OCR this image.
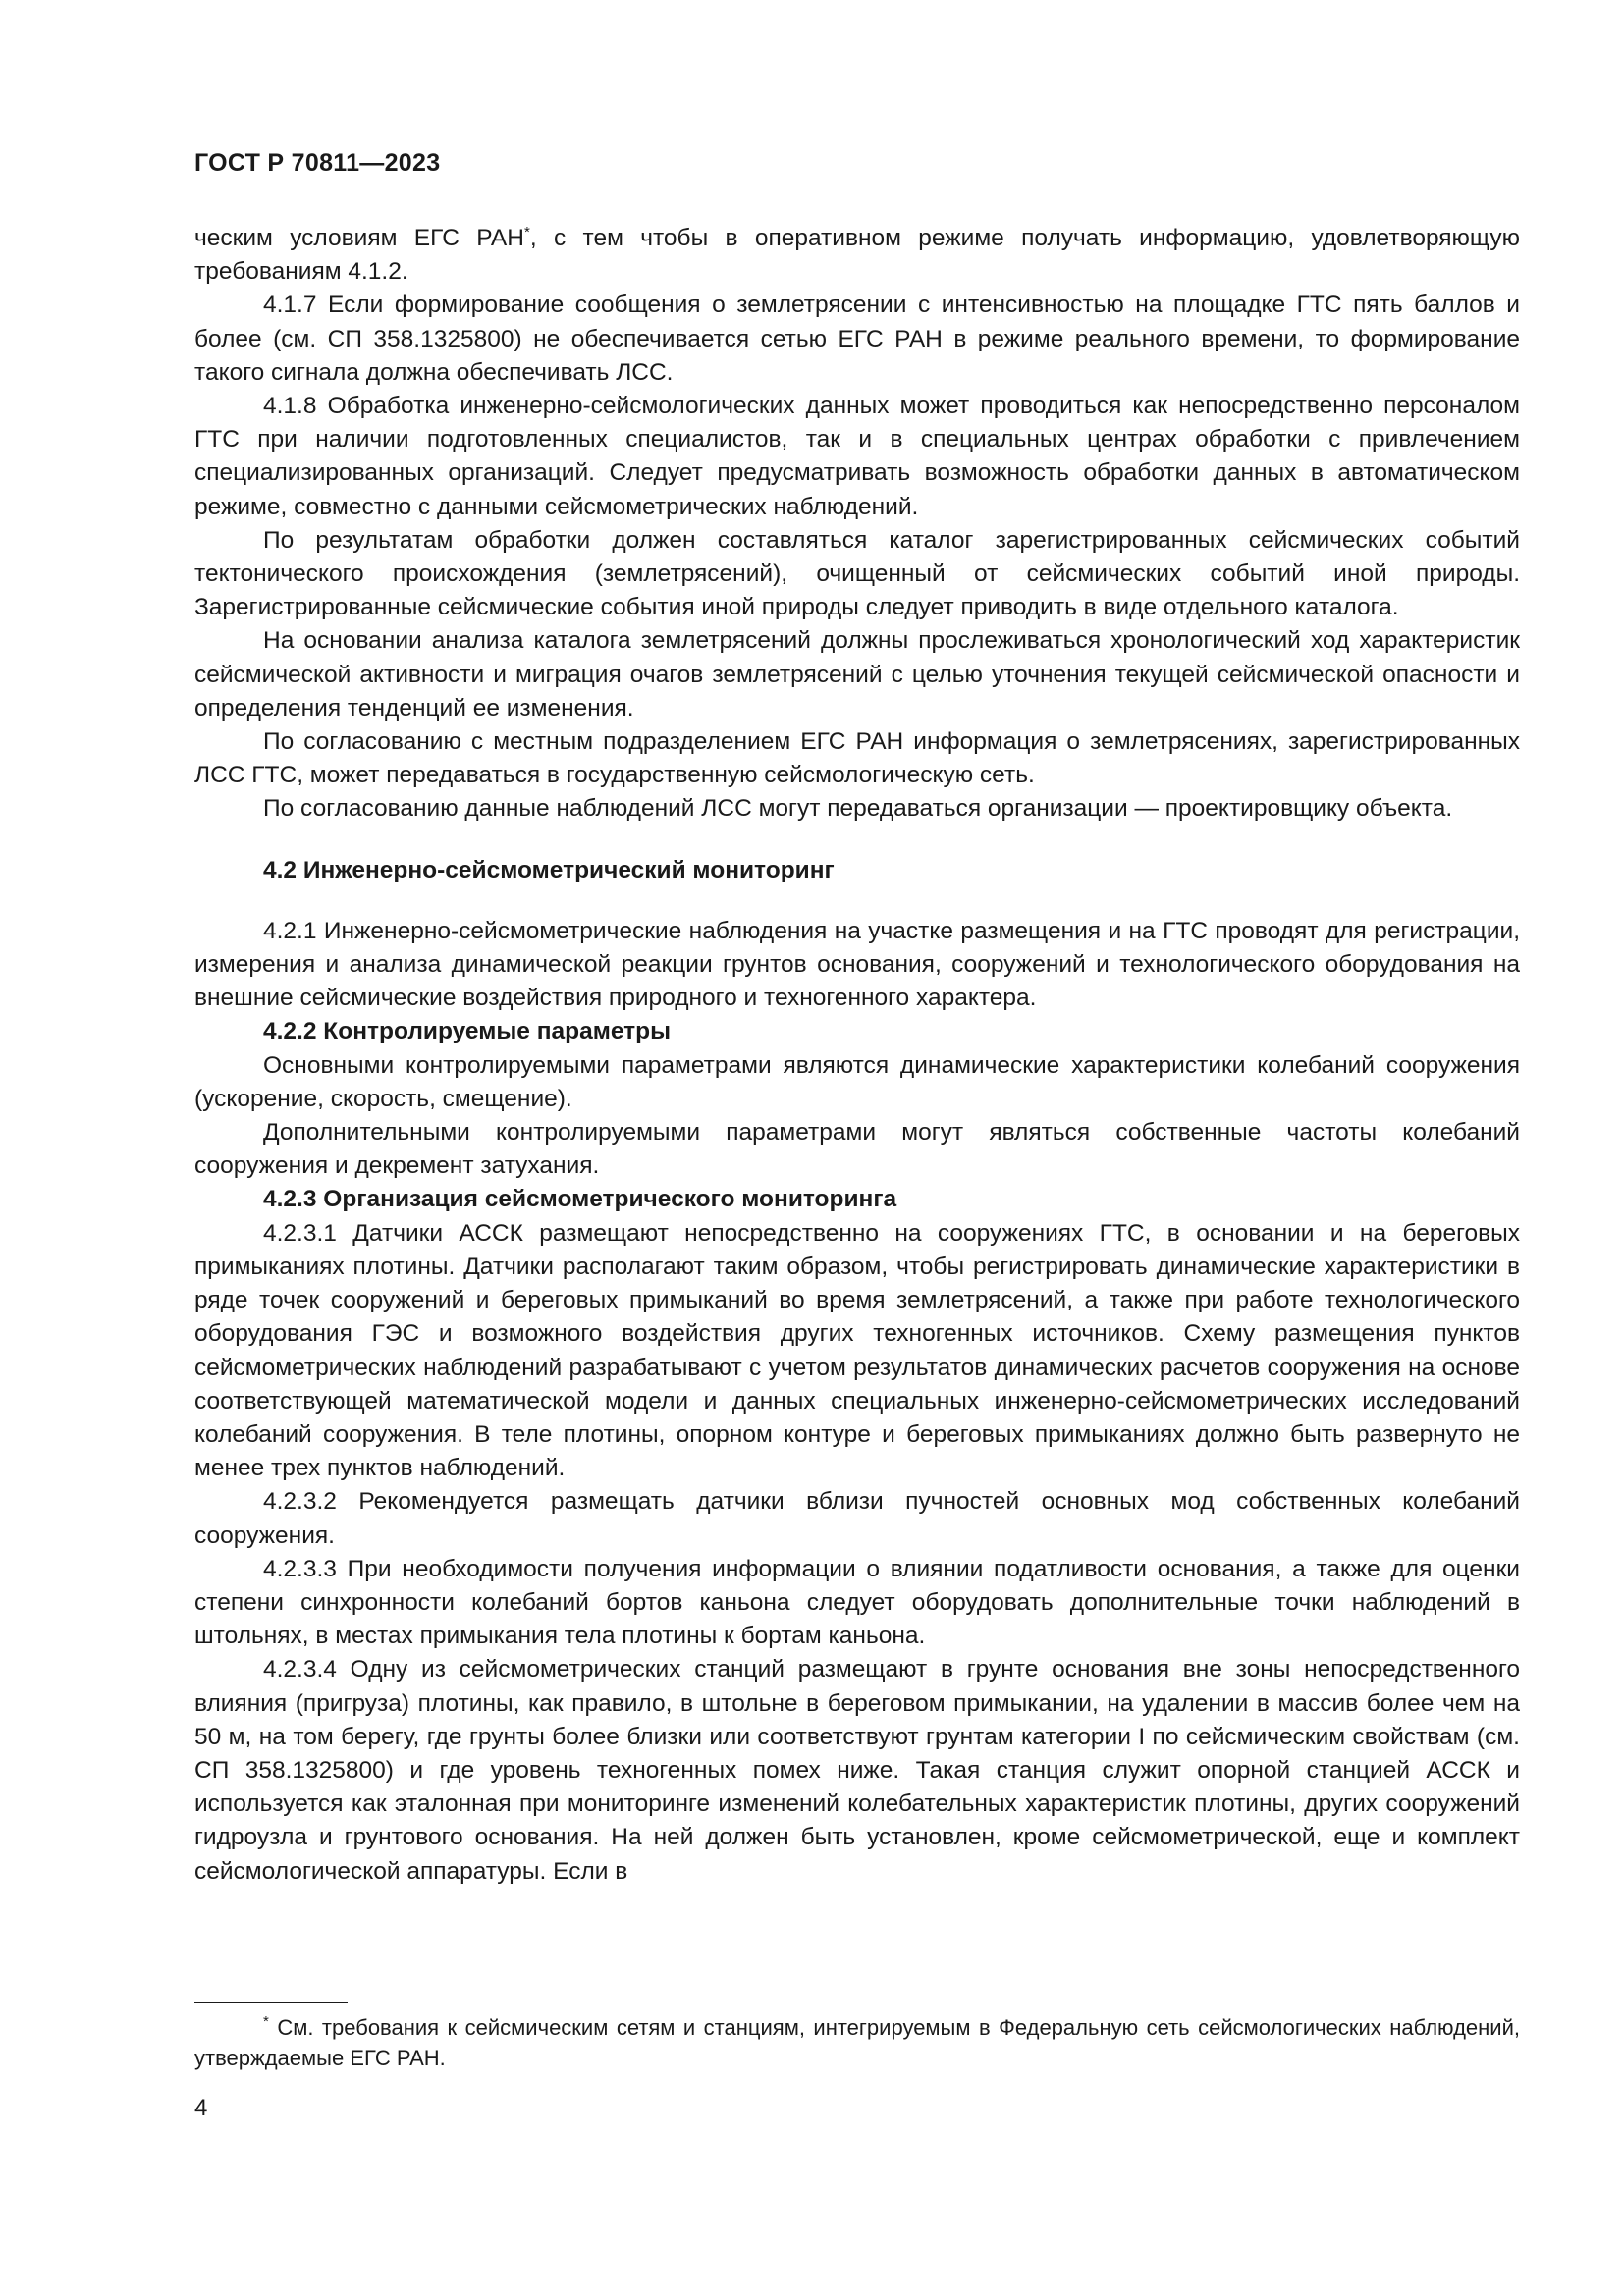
ГОСТ Р 70811—2023

ческим условиям ЕГС РАН*, с тем чтобы в оперативном режиме получать информацию, удовлетворяющую требованиям 4.1.2.

4.1.7 Если формирование сообщения о землетрясении с интенсивностью на площадке ГТС пять баллов и более (см. СП 358.1325800) не обеспечивается сетью ЕГС РАН в режиме реального времени, то формирование такого сигнала должна обеспечивать ЛСС.

4.1.8 Обработка инженерно-сейсмологических данных может проводиться как непосредственно персоналом ГТС при наличии подготовленных специалистов, так и в специальных центрах обработки с привлечением специализированных организаций. Следует предусматривать возможность обработки данных в автоматическом режиме, совместно с данными сейсмометрических наблюдений.

По результатам обработки должен составляться каталог зарегистрированных сейсмических событий тектонического происхождения (землетрясений), очищенный от сейсмических событий иной природы. Зарегистрированные сейсмические события иной природы следует приводить в виде отдельного каталога.

На основании анализа каталога землетрясений должны прослеживаться хронологический ход характеристик сейсмической активности и миграция очагов землетрясений с целью уточнения текущей сейсмической опасности и определения тенденций ее изменения.

По согласованию с местным подразделением ЕГС РАН информация о землетрясениях, зарегистрированных ЛСС ГТС, может передаваться в государственную сейсмологическую сеть.

По согласованию данные наблюдений ЛСС могут передаваться организации — проектировщику объекта.

4.2 Инженерно-сейсмометрический мониторинг

4.2.1 Инженерно-сейсмометрические наблюдения на участке размещения и на ГТС проводят для регистрации, измерения и анализа динамической реакции грунтов основания, сооружений и технологического оборудования на внешние сейсмические воздействия природного и техногенного характера.

4.2.2 Контролируемые параметры

Основными контролируемыми параметрами являются динамические характеристики колебаний сооружения (ускорение, скорость, смещение).

Дополнительными контролируемыми параметрами могут являться собственные частоты колебаний сооружения и декремент затухания.

4.2.3 Организация сейсмометрического мониторинга

4.2.3.1 Датчики АССК размещают непосредственно на сооружениях ГТС, в основании и на береговых примыканиях плотины. Датчики располагают таким образом, чтобы регистрировать динамические характеристики в ряде точек сооружений и береговых примыканий во время землетрясений, а также при работе технологического оборудования ГЭС и возможного воздействия других техногенных источников. Схему размещения пунктов сейсмометрических наблюдений разрабатывают с учетом результатов динамических расчетов сооружения на основе соответствующей математической модели и данных специальных инженерно-сейсмометрических исследований колебаний сооружения. В теле плотины, опорном контуре и береговых примыканиях должно быть развернуто не менее трех пунктов наблюдений.

4.2.3.2 Рекомендуется размещать датчики вблизи пучностей основных мод собственных колебаний сооружения.

4.2.3.3 При необходимости получения информации о влиянии податливости основания, а также для оценки степени синхронности колебаний бортов каньона следует оборудовать дополнительные точки наблюдений в штольнях, в местах примыкания тела плотины к бортам каньона.

4.2.3.4 Одну из сейсмометрических станций размещают в грунте основания вне зоны непосредственного влияния (пригруза) плотины, как правило, в штольне в береговом примыкании, на удалении в массив более чем на 50 м, на том берегу, где грунты более близки или соответствуют грунтам категории I по сейсмическим свойствам (см. СП 358.1325800) и где уровень техногенных помех ниже. Такая станция служит опорной станцией АССК и используется как эталонная при мониторинге изменений колебательных характеристик плотины, других сооружений гидроузла и грунтового основания. На ней должен быть установлен, кроме сейсмометрической, еще и комплект сейсмологической аппаратуры. Если в

* См. требования к сейсмическим сетям и станциям, интегрируемым в Федеральную сеть сейсмологических наблюдений, утверждаемые ЕГС РАН.
4
